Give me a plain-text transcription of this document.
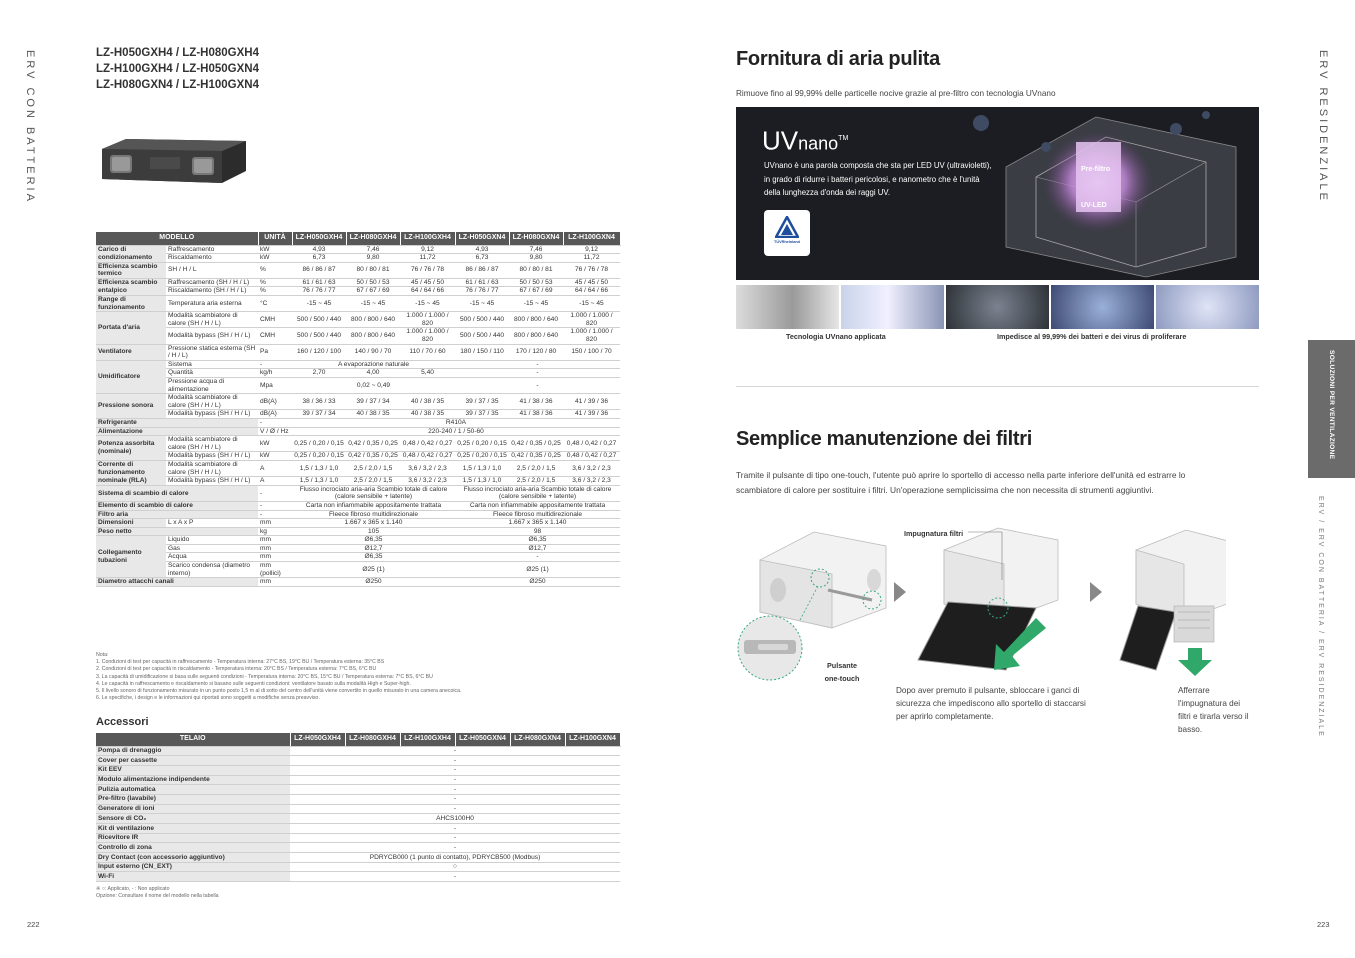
ERV CON BATTERIA	LZ-H050GXH4 / LZ-H080GXH4
LZ-H100GXH4 / LZ-H050GXN4
LZ-H080GXN4 / LZ-H100GXN4
MODELLO		UNITÀ	LZ-H050GXH4	LZ-H080GXH4	LZ-H100GXH4	LZ-H050GXN4	LZ-H080GXN4	LZ-H100GXN4
Carico di condizionamento	Raffrescamento	kW	4,93	7,46	9,12	4,93	7,46	9,12
	Riscaldamento	kW	6,73	9,80	11,72	6,73	9,80	11,72
Efficienza scambio termico	SH / H / L	%	86 / 86 / 87	80 / 80 / 81	76 / 76 / 78	86 / 86 / 87	80 / 80 / 81	76 / 76 / 78
Efficienza scambio entalpico	Raffrescamento (SH / H / L)	%	61 / 61 / 63	50 / 50 / 53	45 / 45 / 50	61 / 61 / 63	50 / 50 / 53	45 / 45 / 50
	Riscaldamento (SH / H / L)	%	76 / 76 / 77	67 / 67 / 69	64 / 64 / 66	76 / 76 / 77	67 / 67 / 69	64 / 64 / 66
Range di funzionamento	Temperatura aria esterna	°C	-15 ~ 45	-15 ~ 45	-15 ~ 45	-15 ~ 45	-15 ~ 45	-15 ~ 45
Portata d'aria	Modalità scambiatore di calore (SH / H / L)	CMH	500 / 500 / 440	800 / 800 / 640	1.000 / 1.000 / 820	500 / 500 / 440	800 / 800 / 640	1.000 / 1.000 / 820
	Modalità bypass (SH / H / L)	CMH	500 / 500 / 440	800 / 800 / 640	1.000 / 1.000 / 820	500 / 500 / 440	800 / 800 / 640	1.000 / 1.000 / 820
Ventilatore	Pressione statica esterna (SH / H / L)	Pa	160 / 120 / 100	140 / 90 / 70	110 / 70 / 60	180 / 150 / 110	170 / 120 / 80	150 / 100 / 70
Umidificatore	Sistema	-	A evaporazione naturale			-		
	Quantità	kg/h	2,70	4,00	5,40	-		
	Pressione acqua di alimentazione	Mpa	0,02 ~ 0,49			-		
Pressione sonora	Modalità scambiatore di calore (SH / H / L)	dB(A)	38 / 36 / 33	39 / 37 / 34	40 / 38 / 35	39 / 37 / 35	41 / 38 / 36	41 / 39 / 36
	Modalità bypass (SH / H / L)	dB(A)	39 / 37 / 34	40 / 38 / 35	40 / 38 / 35	39 / 37 / 35	41 / 38 / 36	41 / 39 / 36
Refrigerante		-	R410A					
Alimentazione		V / Ø / Hz	220-240 / 1 / 50-60					
Potenza assorbita (nominale)	Modalità scambiatore di calore (SH / H / L)	kW	0,25 / 0,20 / 0,15	0,42 / 0,35 / 0,25	0,48 / 0,42 / 0,27	0,25 / 0,20 / 0,15	0,42 / 0,35 / 0,25	0,48 / 0,42 / 0,27
	Modalità bypass (SH / H / L)	kW	0,25 / 0,20 / 0,15	0,42 / 0,35 / 0,25	0,48 / 0,42 / 0,27	0,25 / 0,20 / 0,15	0,42 / 0,35 / 0,25	0,48 / 0,42 / 0,27
Corrente di funzionamento nominale (RLA)	Modalità scambiatore di calore (SH / H / L)	A	1,5 / 1,3 / 1,0	2,5 / 2,0 / 1,5	3,6 / 3,2 / 2,3	1,5 / 1,3 / 1,0	2,5 / 2,0 / 1,5	3,6 / 3,2 / 2,3
	Modalità bypass (SH / H / L)	A	1,5 / 1,3 / 1,0	2,5 / 2,0 / 1,5	3,6 / 3,2 / 2,3	1,5 / 1,3 / 1,0	2,5 / 2,0 / 1,5	3,6 / 3,2 / 2,3
Sistema di scambio di calore		-	Flusso incrociato aria-aria Scambio totale di calore (calore sensibile + latente)			Flusso incrociato aria-aria Scambio totale di calore (calore sensibile + latente)		
Elemento di scambio di calore		-	Carta non infiammabile appositamente trattata			Carta non infiammabile appositamente trattata		
Filtro aria		-	Fleece fibroso multidirezionale			Fleece fibroso multidirezionale		
Dimensioni	L x A x P	mm	1.667 x 365 x 1.140			1.667 x 365 x 1.140		
Peso netto		kg	105			98		
Collegamento tubazioni	Liquido	mm	Ø6,35			Ø6,35		
	Gas	mm	Ø12,7			Ø12,7		
	Acqua	mm	Ø6,35			-		
	Scarico condensa (diametro interno)	mm (pollici)	Ø25 (1)			Ø25 (1)		
Diametro attacchi canali		mm	Ø250			Ø250		
Nota:
1. Condizioni di test per capacità in raffrescamento - Temperatura interna: 27°C BS, 19°C BU / Temperatura esterna: 35°C BS
2. Condizioni di test per capacità in riscaldamento - Temperatura interna: 20°C BS / Temperatura esterna: 7°C BS, 6°C BU
3. La capacità di umidificazione si basa sulle seguenti condizioni - Temperatura interna: 20°C BS, 15°C BU / Temperatura esterna: 7°C BS, 6°C BU
4. Le capacità in raffrescamento e riscaldamento si basano sulle seguenti condizioni: ventilatore basato sulla modalità High e Super-high.
5. Il livello sonoro di funzionamento misurato in un punto posto 1,5 m al di sotto del centro dell'unità viene convertito in quello misurato in una camera anecoica.
6. Le specifiche, i design e le informazioni qui riportati sono soggetti a modifiche senza preavviso.
Accessori
TELAIO	LZ-H050GXH4	LZ-H080GXH4	LZ-H100GXH4	LZ-H050GXN4	LZ-H080GXN4	LZ-H100GXN4
Pompa di drenaggio	-					
Cover per cassette	-					
Kit EEV	-					
Modulo alimentazione indipendente	-					
Pulizia automatica	-					
Pre-filtro (lavabile)	-					
Generatore di ioni	-					
Sensore di CO₂	AHCS100H0					
Kit di ventilazione	-					
Ricevitore IR	-					
Controllo di zona	-					
Dry Contact (con accessorio aggiuntivo)	PDRYCB000 (1 punto di contatto), PDRYCB500 (Modbus)					
Input esterno (CN_EXT)	○					
Wi-Fi	-					
※ ○: Applicato, - : Non applicato
Opzione: Consultare il nome del modello nella tabella
222
Fornitura di aria pulita
Rimuove fino al 99,99% delle particelle nocive grazie al pre-filtro con tecnologia UVnano
UVnano™
UVnano è una parola composta che sta per LED UV (ultravioletti), in grado di ridurre i batteri pericolosi, e nanometro che è l'unità della lunghezza d'onda dei raggi UV.
Pre-filtro
UV-LED
TÜVRheinland
Tecnologia UVnano applicata	Impedisce al 99,99% dei batteri e dei virus di proliferare
Semplice manutenzione dei filtri
Tramite il pulsante di tipo one-touch, l'utente può aprire lo sportello di accesso nella parte inferiore dell'unità ed estrarre lo scambiatore di calore per sostituire i filtri. Un'operazione semplicissima che non necessita di strumenti aggiuntivi.
Impugnatura filtri
Pulsante
one-touch
Dopo aver premuto il pulsante, sbloccare i ganci di sicurezza che impediscono allo sportello di staccarsi per aprirlo completamente.
Afferrare l'impugnatura dei filtri e tirarla verso il basso.
ERV RESIDENZIALE
SOLUZIONI PER VENTILAZIONE
ERV / ERV CON BATTERIA / ERV RESIDENZIALE
223
